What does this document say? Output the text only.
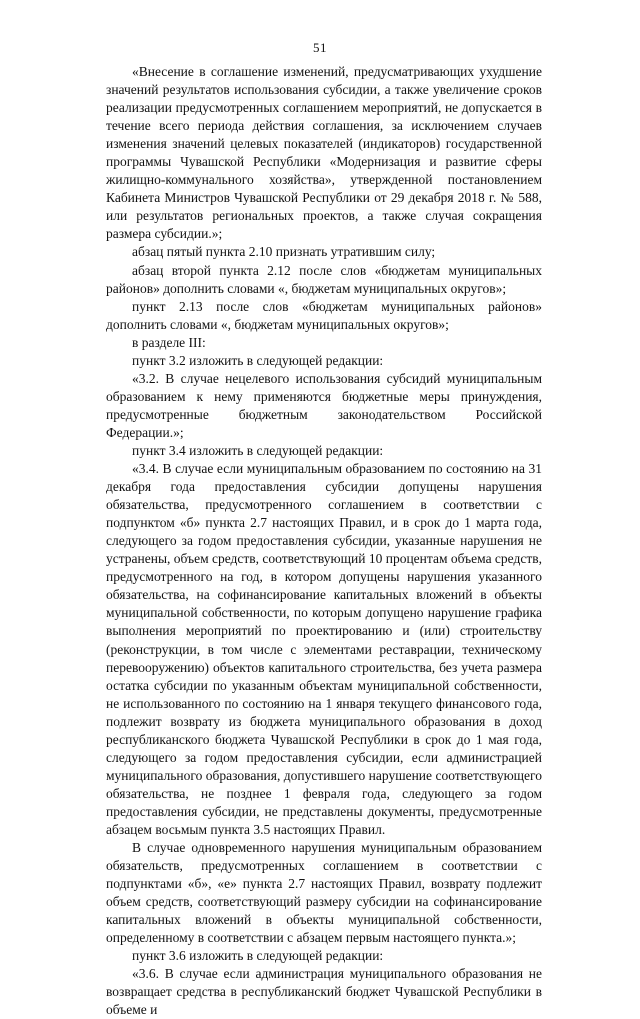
51

«Внесение в соглашение изменений, предусматривающих ухудшение значений результатов использования субсидии, а также увеличение сроков реализации предусмотренных соглашением мероприятий, не допускается в течение всего периода действия соглашения, за исключением случаев изменения значений целевых показателей (индикаторов) государственной программы Чувашской Республики «Модернизация и развитие сферы жилищно-коммунального хозяйства», утвержденной постановлением Кабинета Министров Чувашской Республики от 29 декабря 2018 г. № 588, или результатов региональных проектов, а также случая сокращения размера субсидии.»;

абзац пятый пункта 2.10 признать утратившим силу;

абзац второй пункта 2.12 после слов «бюджетам муниципальных районов» дополнить словами «, бюджетам муниципальных округов»;

пункт 2.13 после слов «бюджетам муниципальных районов» дополнить словами «, бюджетам муниципальных округов»;

в разделе III:

пункт 3.2 изложить в следующей редакции:

«3.2. В случае нецелевого использования субсидий муниципальным образованием к нему применяются бюджетные меры принуждения, предусмотренные бюджетным законодательством Российской Федерации.»;

пункт 3.4 изложить в следующей редакции:

«3.4. В случае если муниципальным образованием по состоянию на 31 декабря года предоставления субсидии допущены нарушения обязательства, предусмотренного соглашением в соответствии с подпунктом «б» пункта 2.7 настоящих Правил, и в срок до 1 марта года, следующего за годом предоставления субсидии, указанные нарушения не устранены, объем средств, соответствующий 10 процентам объема средств, предусмотренного на год, в котором допущены нарушения указанного обязательства, на софинансирование капитальных вложений в объекты муниципальной собственности, по которым допущено нарушение графика выполнения мероприятий по проектированию и (или) строительству (реконструкции, в том числе с элементами реставрации, техническому перевооружению) объектов капитального строительства, без учета размера остатка субсидии по указанным объектам муниципальной собственности, не использованного по состоянию на 1 января текущего финансового года, подлежит возврату из бюджета муниципального образования в доход республиканского бюджета Чувашской Республики в срок до 1 мая года, следующего за годом предоставления субсидии, если администрацией муниципального образования, допустившего нарушение соответствующего обязательства, не позднее 1 февраля года, следующего за годом предоставления субсидии, не представлены документы, предусмотренные абзацем восьмым пункта 3.5 настоящих Правил.

В случае одновременного нарушения муниципальным образованием обязательств, предусмотренных соглашением в соответствии с подпунктами «б», «е» пункта 2.7 настоящих Правил, возврату подлежит объем средств, соответствующий размеру субсидии на софинансирование капитальных вложений в объекты муниципальной собственности, определенному в соответствии с абзацем первым настоящего пункта.»;

пункт 3.6 изложить в следующей редакции:

«3.6. В случае если администрация муниципального образования не возвращает средства в республиканский бюджет Чувашской Республики в объеме и
